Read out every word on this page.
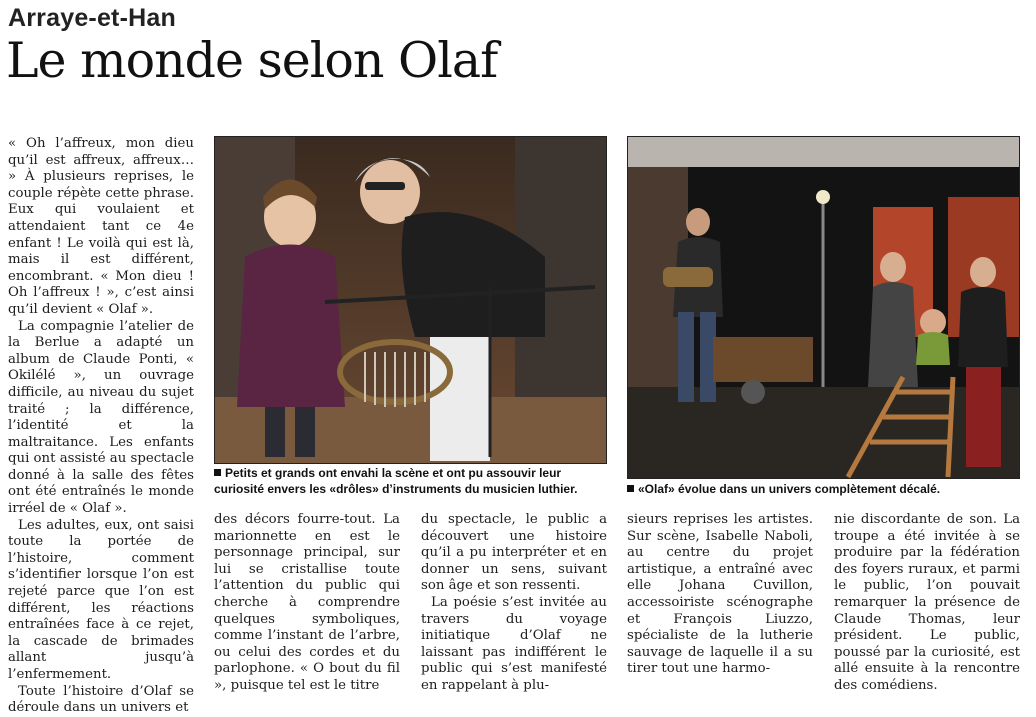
Arraye-et-Han
Le monde selon Olaf

« Oh l’affreux, mon dieu qu’il est affreux, affreux… » À plusieurs reprises, le couple répète cette phrase. Eux qui voulaient et attendaient tant ce 4e enfant ! Le voilà qui est là, mais il est différent, encombrant. « Mon dieu ! Oh l’affreux ! », c’est ainsi qu’il devient « Olaf ».

La compagnie l’atelier de la Berlue a adapté un album de Claude Ponti, « Okilélé », un ouvrage difficile, au niveau du sujet traité ; la différence, l’identité et la maltraitance. Les enfants qui ont assisté au spectacle donné à la salle des fêtes ont été entraînés le monde irréel de « Olaf ».

Les adultes, eux, ont saisi toute la portée de l’histoire, comment s’identifier lorsque l’on est rejeté parce que l’on est différent, les réactions entraînées face à ce rejet, la cascade de brimades allant jusqu’à l’enfermement.

Toute l’histoire d’Olaf se déroule dans un univers et

Petits et grands ont envahi la scène et ont pu assouvir leur curiosité envers les «drôles» d’instruments du musicien luthier.	«Olaf» évolue dans un univers complètement décalé.

des décors fourre-tout. La marionnette en est le personnage principal, sur lui se cristallise toute l’attention du public qui cherche à comprendre quelques symboliques, comme l’instant de l’arbre, ou celui des cordes et du parlophone. « O bout du fil », puisque tel est le titre

du spectacle, le public a découvert une histoire qu’il a pu interpréter et en donner un sens, suivant son âge et son ressenti.

La poésie s’est invitée au travers du voyage initiatique d’Olaf ne laissant pas indifférent le public qui s’est manifesté en rappelant à plu-

sieurs reprises les artistes. Sur scène, Isabelle Naboli, au centre du projet artistique, a entraîné avec elle Johana Cuvillon, accessoiriste scénographe et François Liuzzo, spécialiste de la lutherie sauvage de laquelle il a su tirer tout une harmo-

nie discordante de son. La troupe a été invitée à se produire par la fédération des foyers ruraux, et parmi le public, l’on pouvait remarquer la présence de Claude Thomas, leur président. Le public, poussé par la curiosité, est allé ensuite à la rencontre des comédiens.
